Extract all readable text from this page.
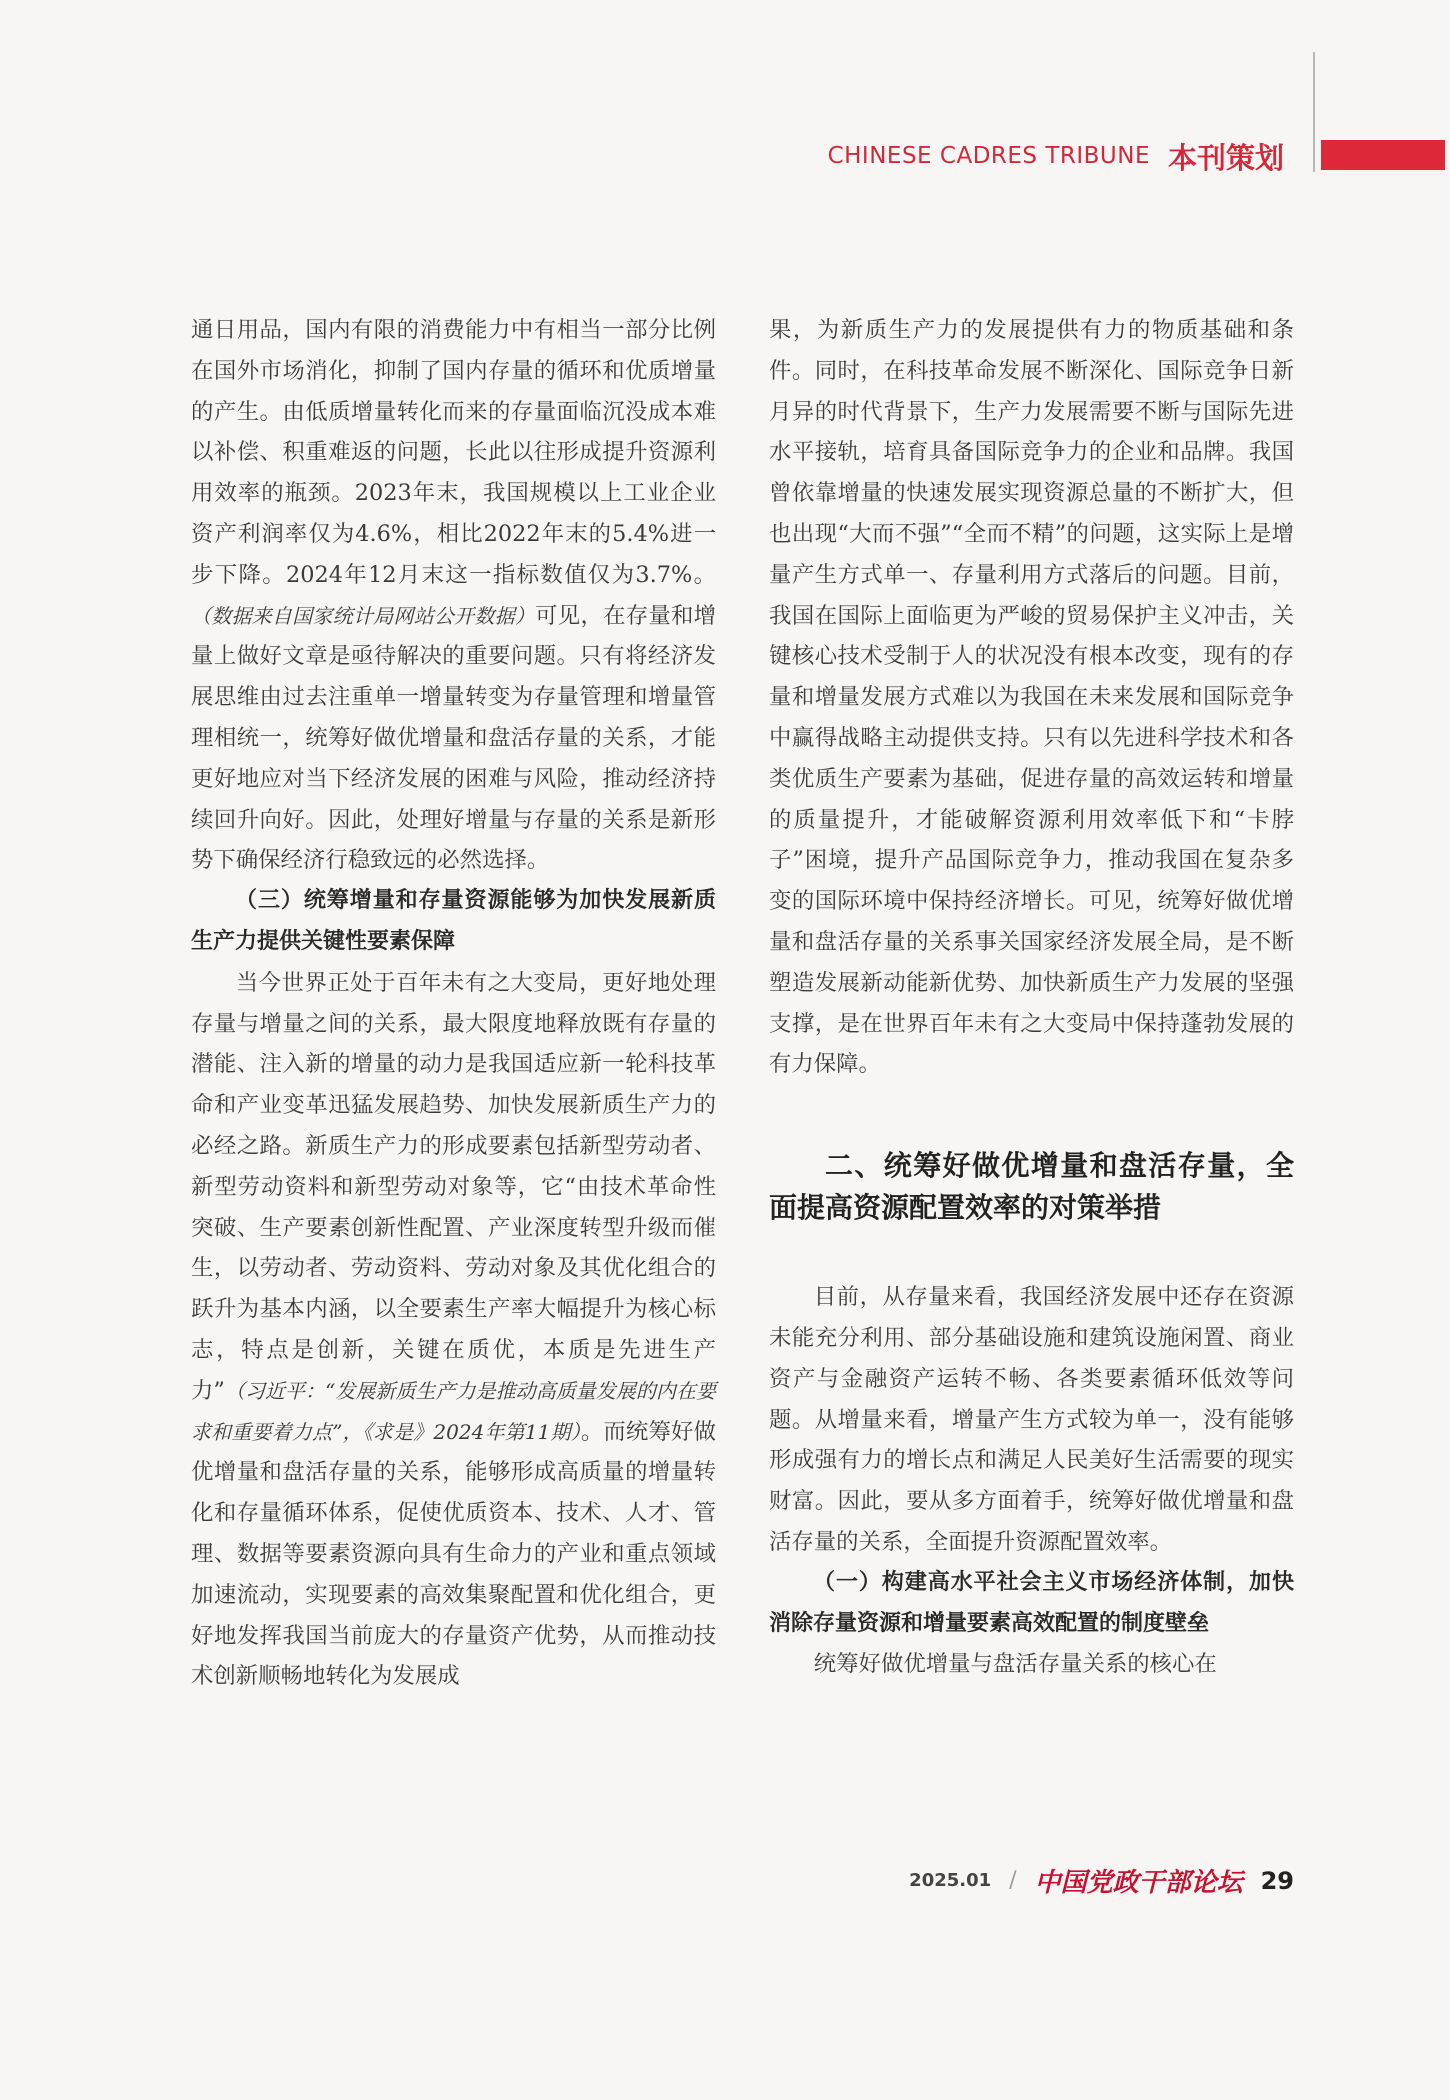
CHINESE CADRES TRIBUNE 本刊策划

通日用品，国内有限的消费能力中有相当一部分比例在国外市场消化，抑制了国内存量的循环和优质增量的产生。由低质增量转化而来的存量面临沉没成本难以补偿、积重难返的问题，长此以往形成提升资源利用效率的瓶颈。2023年末，我国规模以上工业企业资产利润率仅为4.6%，相比2022年末的5.4%进一步下降。2024年12月末这一指标数值仅为3.7%。（数据来自国家统计局网站公开数据）可见，在存量和增量上做好文章是亟待解决的重要问题。只有将经济发展思维由过去注重单一增量转变为存量管理和增量管理相统一，统筹好做优增量和盘活存量的关系，才能更好地应对当下经济发展的困难与风险，推动经济持续回升向好。因此，处理好增量与存量的关系是新形势下确保经济行稳致远的必然选择。

（三）统筹增量和存量资源能够为加快发展新质生产力提供关键性要素保障

当今世界正处于百年未有之大变局，更好地处理存量与增量之间的关系，最大限度地释放既有存量的潜能、注入新的增量的动力是我国适应新一轮科技革命和产业变革迅猛发展趋势、加快发展新质生产力的必经之路。新质生产力的形成要素包括新型劳动者、新型劳动资料和新型劳动对象等，它“由技术革命性突破、生产要素创新性配置、产业深度转型升级而催生，以劳动者、劳动资料、劳动对象及其优化组合的跃升为基本内涵，以全要素生产率大幅提升为核心标志，特点是创新，关键在质优，本质是先进生产力”（习近平：“发展新质生产力是推动高质量发展的内在要求和重要着力点”，《求是》2024年第11期）。而统筹好做优增量和盘活存量的关系，能够形成高质量的增量转化和存量循环体系，促使优质资本、技术、人才、管理、数据等要素资源向具有生命力的产业和重点领域加速流动，实现要素的高效集聚配置和优化组合，更好地发挥我国当前庞大的存量资产优势，从而推动技术创新顺畅地转化为发展成

果，为新质生产力的发展提供有力的物质基础和条件。同时，在科技革命发展不断深化、国际竞争日新月异的时代背景下，生产力发展需要不断与国际先进水平接轨，培育具备国际竞争力的企业和品牌。我国曾依靠增量的快速发展实现资源总量的不断扩大，但也出现“大而不强”“全而不精”的问题，这实际上是增量产生方式单一、存量利用方式落后的问题。目前，我国在国际上面临更为严峻的贸易保护主义冲击，关键核心技术受制于人的状况没有根本改变，现有的存量和增量发展方式难以为我国在未来发展和国际竞争中赢得战略主动提供支持。只有以先进科学技术和各类优质生产要素为基础，促进存量的高效运转和增量的质量提升，才能破解资源利用效率低下和“卡脖子”困境，提升产品国际竞争力，推动我国在复杂多变的国际环境中保持经济增长。可见，统筹好做优增量和盘活存量的关系事关国家经济发展全局，是不断塑造发展新动能新优势、加快新质生产力发展的坚强支撑，是在世界百年未有之大变局中保持蓬勃发展的有力保障。

二、统筹好做优增量和盘活存量，全面提高资源配置效率的对策举措

目前，从存量来看，我国经济发展中还存在资源未能充分利用、部分基础设施和建筑设施闲置、商业资产与金融资产运转不畅、各类要素循环低效等问题。从增量来看，增量产生方式较为单一，没有能够形成强有力的增长点和满足人民美好生活需要的现实财富。因此，要从多方面着手，统筹好做优增量和盘活存量的关系，全面提升资源配置效率。

（一）构建高水平社会主义市场经济体制，加快消除存量资源和增量要素高效配置的制度壁垒

统筹好做优增量与盘活存量关系的核心在

2025.01 / 中国党政干部论坛 29
